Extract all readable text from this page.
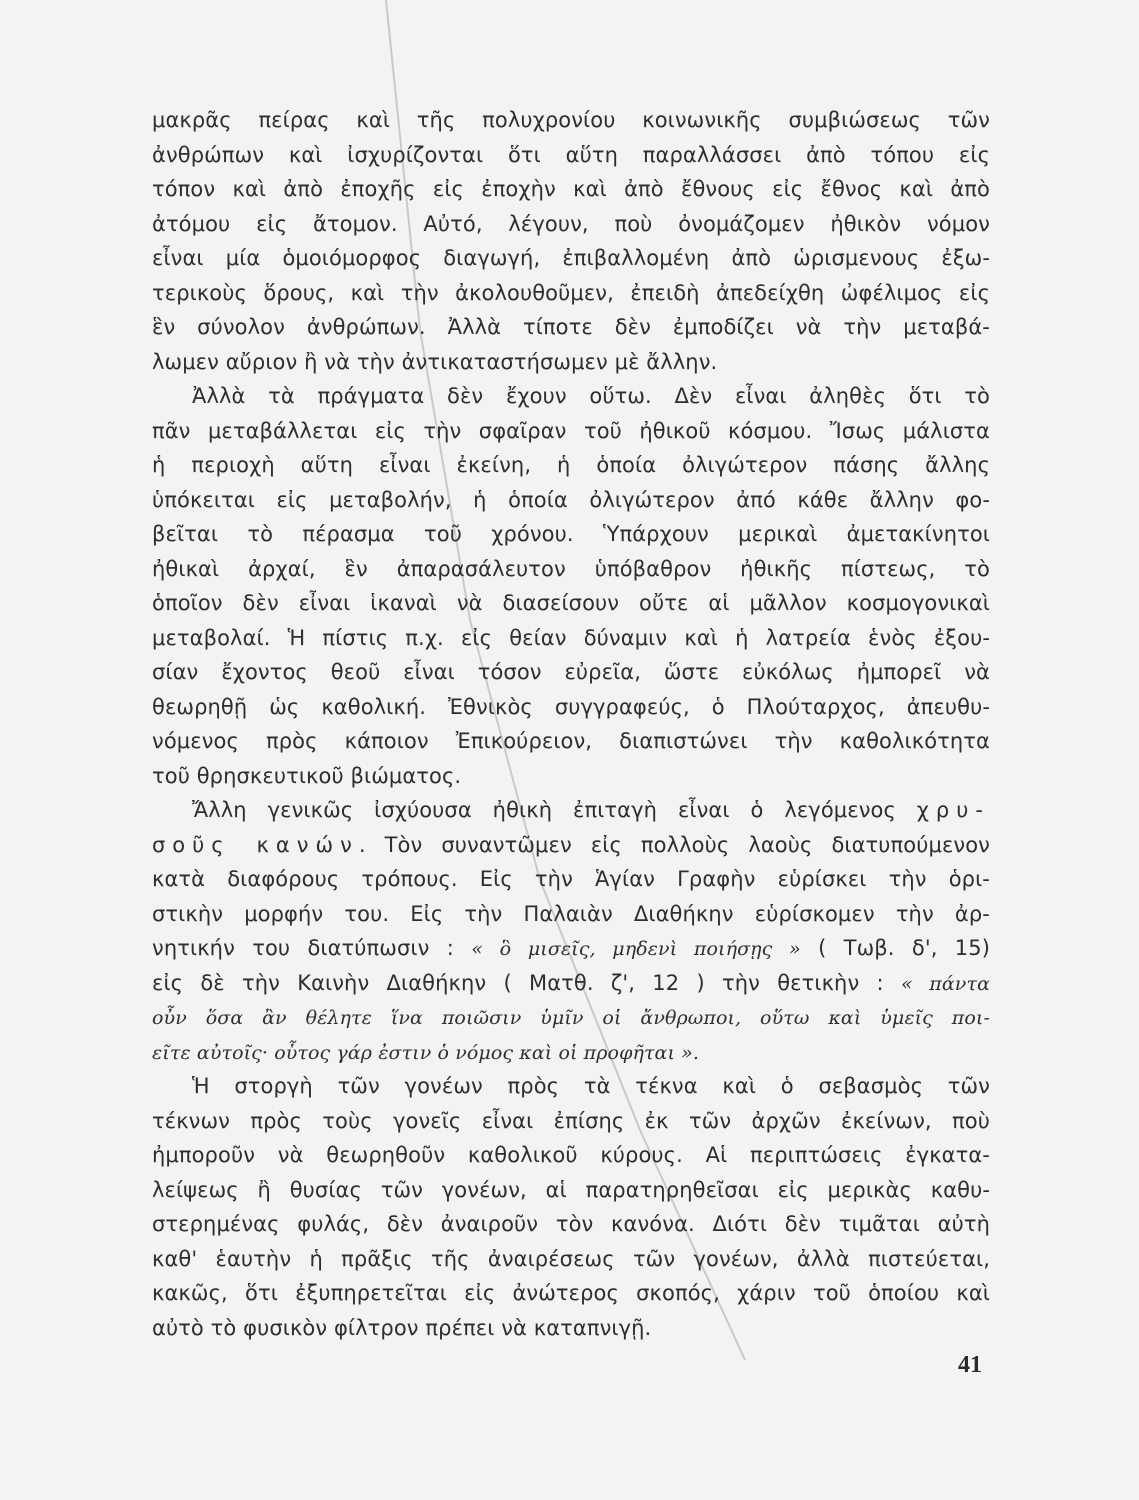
μακρᾶς πείρας καὶ τῆς πολυχρονίου κοινωνικῆς συμβιώσεως τῶν
ἀνθρώπων καὶ ἰσχυρίζονται ὅτι αὕτη παραλλάσσει ἀπὸ τόπου εἰς
τόπον καὶ ἀπὸ ἐποχῆς εἰς ἐποχὴν καὶ ἀπὸ ἔθνους εἰς ἔθνος καὶ ἀπὸ
ἀτόμου εἰς ἄτομον. Αὐτό, λέγουν, ποὺ ὀνομάζομεν ἠθικὸν νόμον
εἶναι μία ὁμοιόμορφος διαγωγή, ἐπιβαλλομένη ἀπὸ ὡρισμενους ἐξω-
τερικοὺς ὅρους, καὶ τὴν ἀκολουθοῦμεν, ἐπειδὴ ἀπεδείχθη ὠφέλιμος εἰς
ἓν σύνολον ἀνθρώπων. Ἀλλὰ τίποτε δὲν ἐμποδίζει νὰ τὴν μεταβά-
λωμεν αὔριον ἢ νὰ τὴν ἀντικαταστήσωμεν μὲ ἄλλην.
Ἀλλὰ τὰ πράγματα δὲν ἔχουν οὕτω. Δὲν εἶναι ἀληθὲς ὅτι τὸ
πᾶν μεταβάλλεται εἰς τὴν σφαῖραν τοῦ ἠθικοῦ κόσμου. Ἴσως μάλιστα
ἡ περιοχὴ αὕτη εἶναι ἐκείνη, ἡ ὁποία ὀλιγώτερον πάσης ἄλλης
ὑπόκειται εἰς μεταβολήν, ἡ ὁποία ὀλιγώτερον ἀπό κάθε ἄλλην φο-
βεῖται τὸ πέρασμα τοῦ χρόνου. Ὑπάρχουν μερικαὶ ἀμετακίνητοι
ἠθικαὶ ἀρχαί, ἓν ἀπαρασάλευτον ὑπόβαθρον ἠθικῆς πίστεως, τὸ
ὁποῖον δὲν εἶναι ἱκαναὶ νὰ διασείσουν οὔτε αἱ μᾶλλον κοσμογονικαὶ
μεταβολαί. Ἡ πίστις π.χ. εἰς θείαν δύναμιν καὶ ἡ λατρεία ἑνὸς ἐξου-
σίαν ἔχοντος θεοῦ εἶναι τόσον εὐρεῖα, ὥστε εὐκόλως ἠμπορεῖ νὰ
θεωρηθῇ ὡς καθολική. Ἐθνικὸς συγγραφεύς, ὁ Πλούταρχος, ἀπευθυ-
νόμενος πρὸς κάποιον Ἐπικούρειον, διαπιστώνει τὴν καθολικότητα
τοῦ θρησκευτικοῦ βιώματος.
Ἄλλη γενικῶς ἰσχύουσα ἠθικὴ ἐπιταγὴ εἶναι ὁ λεγόμενος χρυ-
σοῦς κανών. Τὸν συναντῶμεν εἰς πολλοὺς λαοὺς διατυπούμενον
κατὰ διαφόρους τρόπους. Εἰς τὴν Ἁγίαν Γραφὴν εὑρίσκει τὴν ὁρι-
στικὴν μορφήν του. Εἰς τὴν Παλαιὰν Διαθήκην εὑρίσκομεν τὴν ἀρ-
νητικήν του διατύπωσιν : « ὃ μισεῖς, μηδενὶ ποιήσῃς » ( Τωβ. δ', 15)
εἰς δὲ τὴν Καινὴν Διαθήκην ( Ματθ. ζ', 12 ) τὴν θετικὴν : « πάντα
οὖν ὅσα ἂν θέλητε ἵνα ποιῶσιν ὑμῖν οἱ ἄνθρωποι, οὕτω καὶ ὑμεῖς ποι-
εῖτε αὐτοῖς· οὗτος γάρ ἐστιν ὁ νόμος καὶ οἱ προφῆται ».
Ἡ στοργὴ τῶν γονέων πρὸς τὰ τέκνα καὶ ὁ σεβασμὸς τῶν
τέκνων πρὸς τοὺς γονεῖς εἶναι ἐπίσης ἐκ τῶν ἀρχῶν ἐκείνων, ποὺ
ἠμποροῦν νὰ θεωρηθοῦν καθολικοῦ κύρους. Αἱ περιπτώσεις ἐγκατα-
λείψεως ἢ θυσίας τῶν γονέων, αἱ παρατηρηθεῖσαι εἰς μερικὰς καθυ-
στερημένας φυλάς, δὲν ἀναιροῦν τὸν κανόνα. Διότι δὲν τιμᾶται αὐτὴ
καθ' ἑαυτὴν ἡ πρᾶξις τῆς ἀναιρέσεως τῶν γονέων, ἀλλὰ πιστεύεται,
κακῶς, ὅτι ἐξυπηρετεῖται εἰς ἀνώτερος σκοπός, χάριν τοῦ ὁποίου καὶ
αὐτὸ τὸ φυσικὸν φίλτρον πρέπει νὰ καταπνιγῇ.
41
